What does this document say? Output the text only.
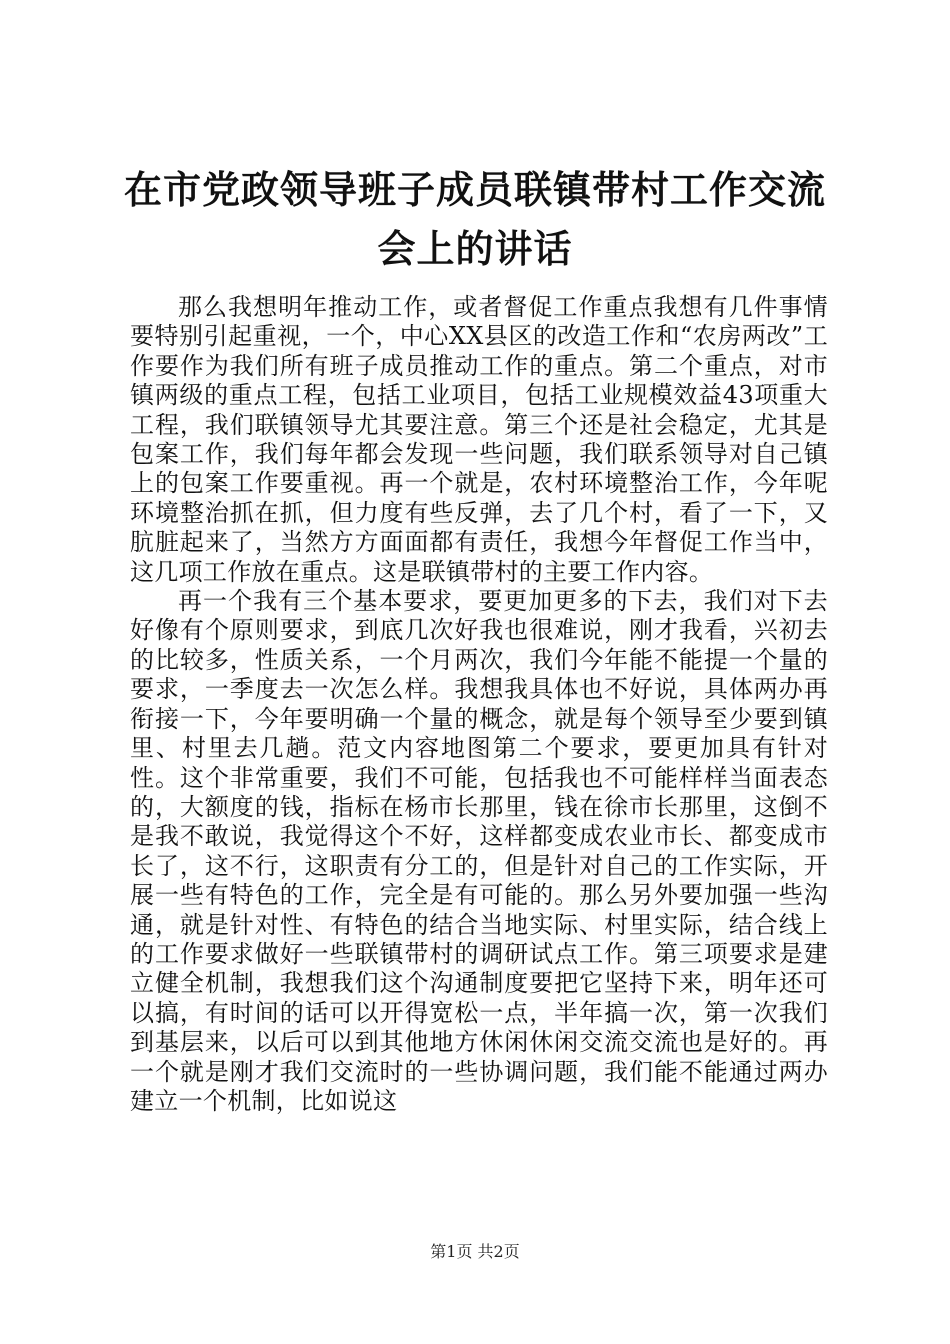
在市党政领导班子成员联镇带村工作交流会上的讲话

那么我想明年推动工作，或者督促工作重点我想有几件事情要特别引起重视，一个，中心XX县区的改造工作和“农房两改”工作要作为我们所有班子成员推动工作的重点。第二个重点，对市镇两级的重点工程，包括工业项目，包括工业规模效益43项重大工程，我们联镇领导尤其要注意。第三个还是社会稳定，尤其是包案工作，我们每年都会发现一些问题，我们联系领导对自己镇上的包案工作要重视。再一个就是，农村环境整治工作，今年呢环境整治抓在抓，但力度有些反弹，去了几个村，看了一下，又肮脏起来了，当然方方面面都有责任，我想今年督促工作当中，这几项工作放在重点。这是联镇带村的主要工作内容。

再一个我有三个基本要求，要更加更多的下去，我们对下去好像有个原则要求，到底几次好我也很难说，刚才我看，兴初去的比较多，性质关系，一个月两次，我们今年能不能提一个量的要求，一季度去一次怎么样。我想我具体也不好说，具体两办再衔接一下，今年要明确一个量的概念，就是每个领导至少要到镇里、村里去几趟。范文内容地图第二个要求，要更加具有针对性。这个非常重要，我们不可能，包括我也不可能样样当面表态的，大额度的钱，指标在杨市长那里，钱在徐市长那里，这倒不是我不敢说，我觉得这个不好，这样都变成农业市长、都变成市长了，这不行，这职责有分工的，但是针对自己的工作实际，开展一些有特色的工作，完全是有可能的。那么另外要加强一些沟通，就是针对性、有特色的结合当地实际、村里实际，结合线上的工作要求做好一些联镇带村的调研试点工作。第三项要求是建立健全机制，我想我们这个沟通制度要把它坚持下来，明年还可以搞，有时间的话可以开得宽松一点，半年搞一次，第一次我们到基层来，以后可以到其他地方休闲休闲交流交流也是好的。再一个就是刚才我们交流时的一些协调问题，我们能不能通过两办建立一个机制，比如说这

第1页 共2页
